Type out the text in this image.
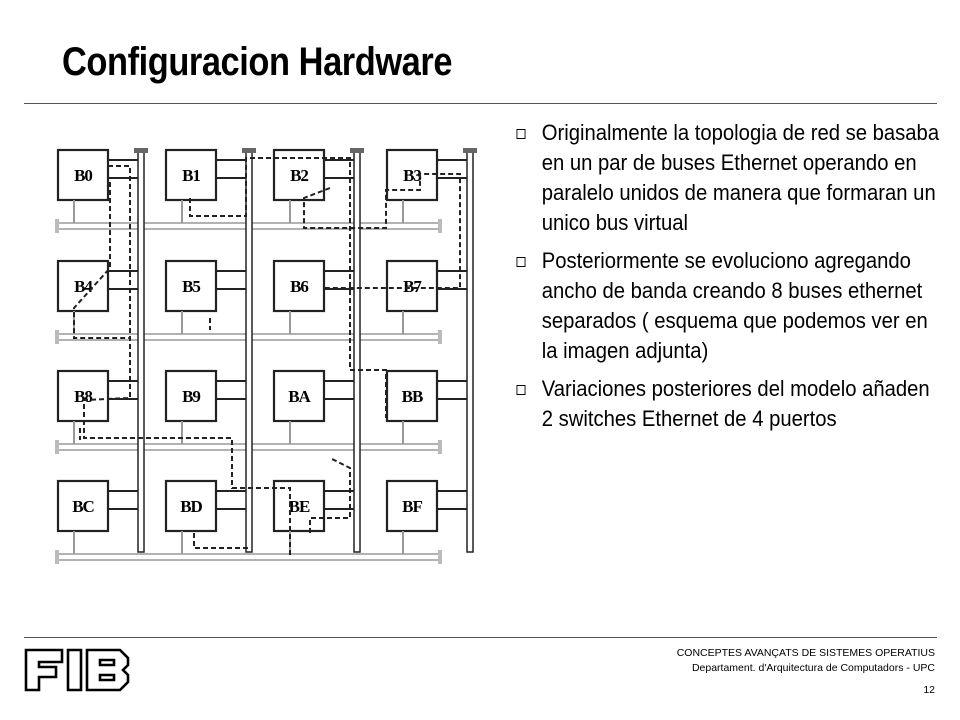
Configuracion Hardware
B0	B1	B2	B3
B4	B5	B6	B7
B8	B9	BA	BB
BC	BD	BE	BF
Originalmente la topologia de red se basaba en un par de buses Ethernet operando en paralelo unidos de manera que formaran un unico bus virtual
Posteriormente se evoluciono agregando ancho de banda creando 8 buses ethernet separados ( esquema que podemos ver en la imagen adjunta)
Variaciones posteriores del modelo añaden 2 switches Ethernet de 4 puertos
CONCEPTES AVANÇATS DE SISTEMES OPERATIUS
Departament. d'Arquitectura de Computadors - UPC
12
